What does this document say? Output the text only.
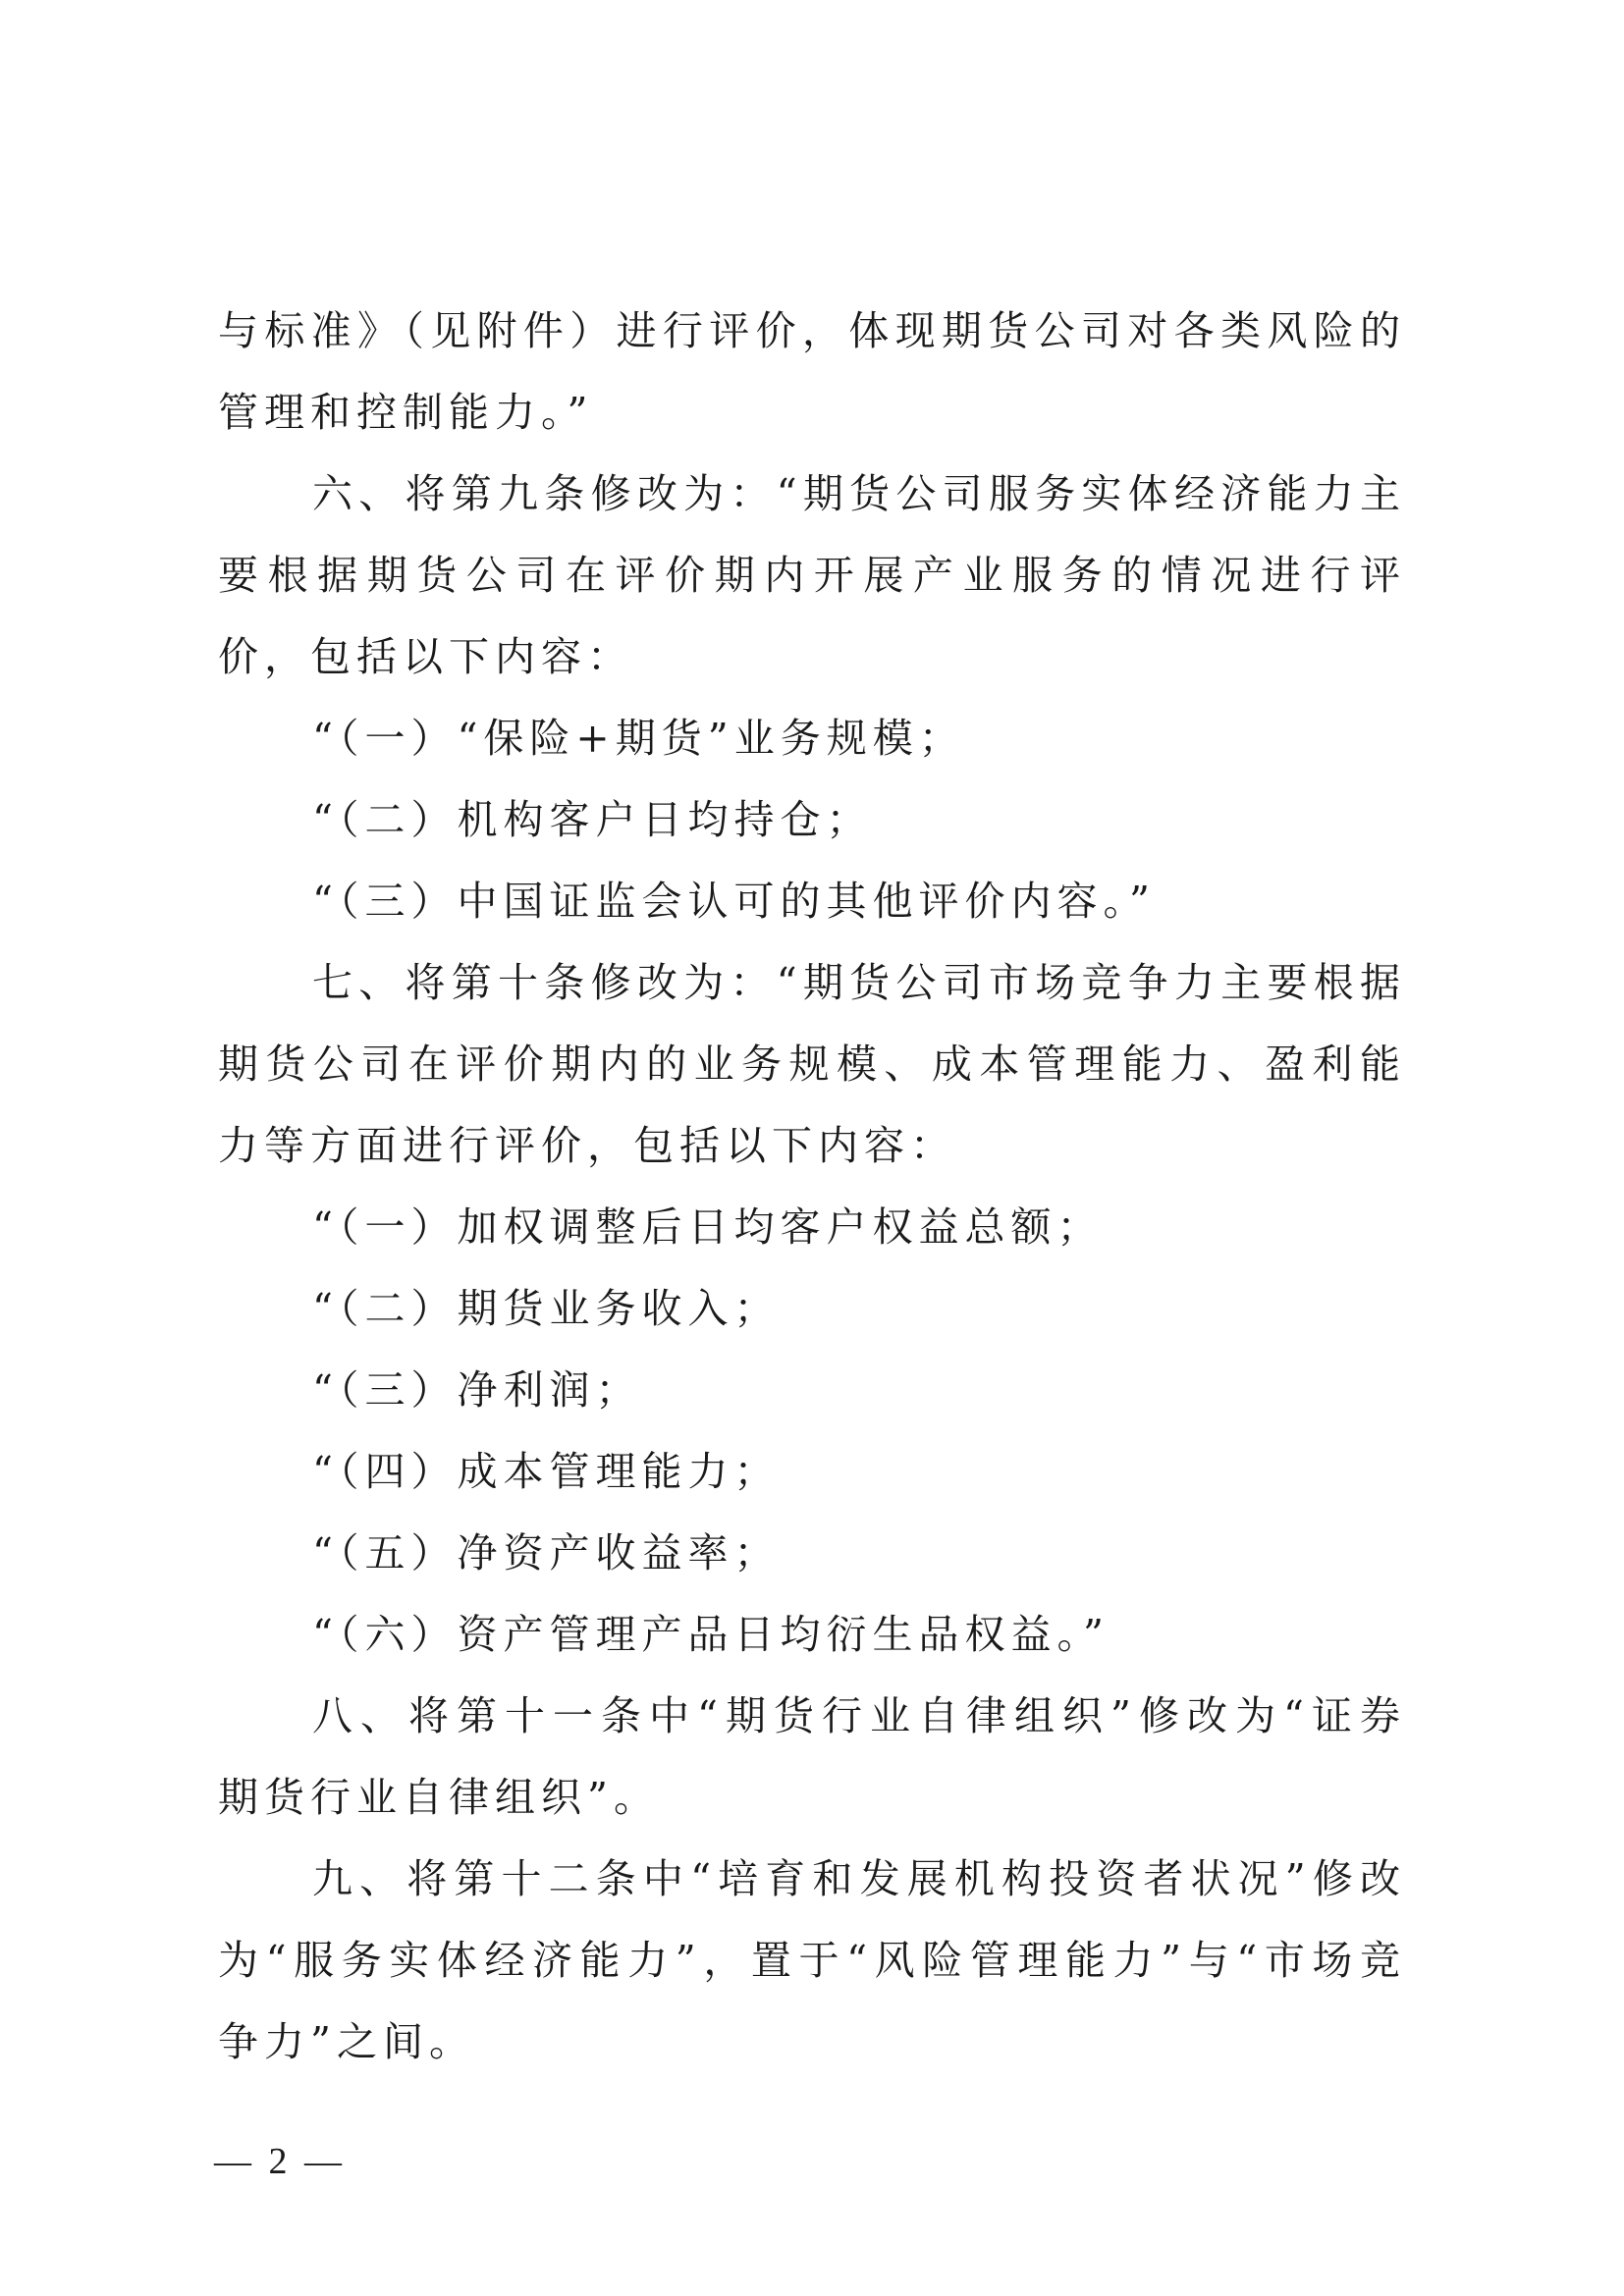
与标准》（见附件）进行评价，体现期货公司对各类风险的管理和控制能力。”

六、将第九条修改为：“期货公司服务实体经济能力主要根据期货公司在评价期内开展产业服务的情况进行评价，包括以下内容：

“（一）“保险+期货”业务规模；

“（二）机构客户日均持仓；

“（三）中国证监会认可的其他评价内容。”

七、将第十条修改为：“期货公司市场竞争力主要根据期货公司在评价期内的业务规模、成本管理能力、盈利能力等方面进行评价，包括以下内容：

“（一）加权调整后日均客户权益总额；

“（二）期货业务收入；

“（三）净利润；

“（四）成本管理能力；

“（五）净资产收益率；

“（六）资产管理产品日均衍生品权益。”

八、将第十一条中“期货行业自律组织”修改为“证券期货行业自律组织”。

九、将第十二条中“培育和发展机构投资者状况”修改为“服务实体经济能力”，置于“风险管理能力”与“市场竞争力”之间。

— 2 —
